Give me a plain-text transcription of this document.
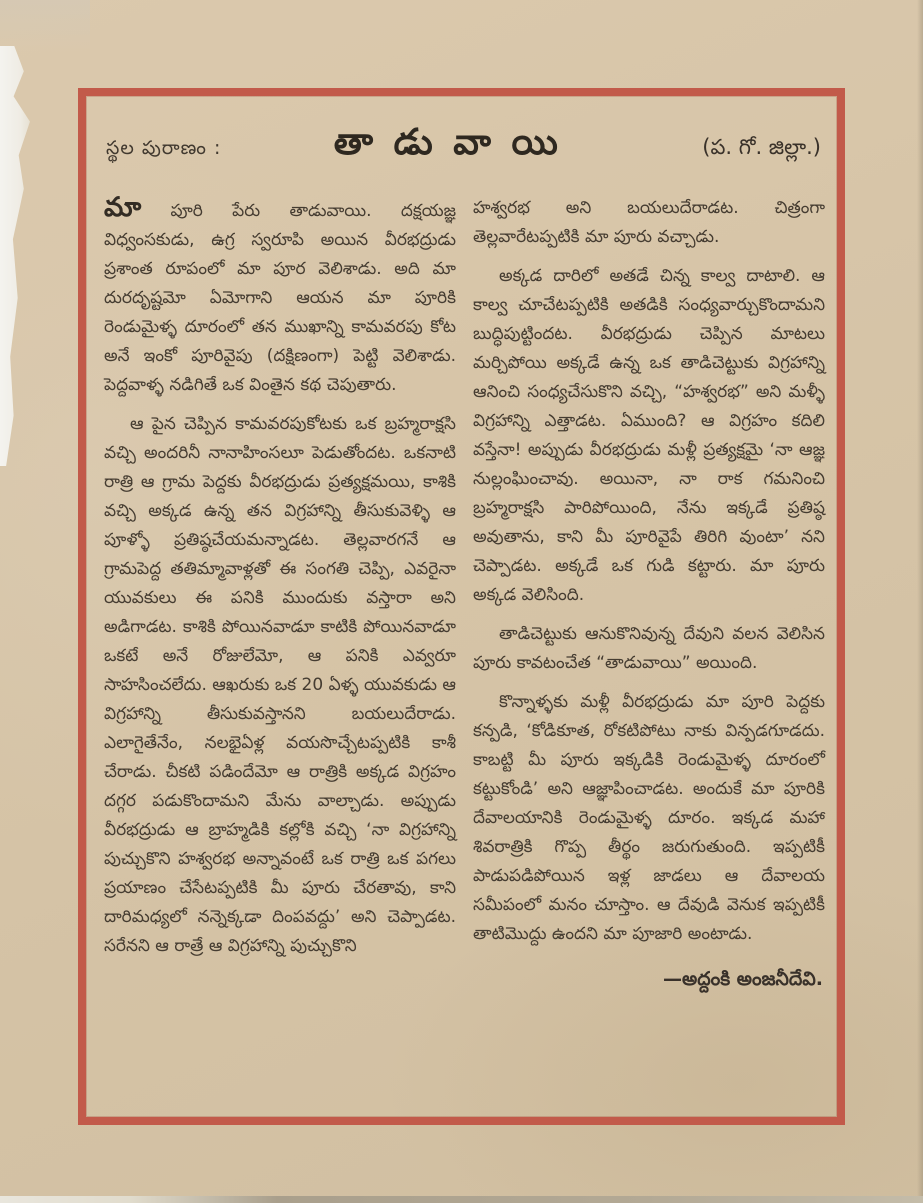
స్థల పురాణం :	తా డు వా యి	(ప. గో. జిల్లా.)

మా పూరి పేరు తాడువాయి. దక్షయజ్ఞ విధ్వంసకుడు, ఉగ్ర స్వరూపి అయిన వీరభద్రుడు ప్రశాంత రూపంలో మా పూర వెలిశాడు. అది మా దురదృష్టమో ఏమోగాని ఆయన మా పూరికి రెండుమైళ్ళ దూరంలో తన ముఖాన్ని కామవరపు కోట అనే ఇంకో పూరివైపు (దక్షిణంగా) పెట్టి వెలిశాడు. పెద్దవాళ్ళ నడిగితే ఒక వింతైన కథ చెపుతారు.

ఆ పైన చెప్పిన కామవరపుకోటకు ఒక బ్రహ్మరాక్షసి వచ్చి అందరినీ నానాహింసలూ పెడుతోందట. ఒకనాటి రాత్రి ఆ గ్రామ పెద్దకు వీరభద్రుడు ప్రత్యక్షమయి, కాశికి వచ్చి అక్కడ ఉన్న తన విగ్రహాన్ని తీసుకువెళ్ళి ఆ పూళ్ళో ప్రతిష్ఠచేయమన్నాడట. తెల్లవారగనే ఆ గ్రామపెద్ద తతిమ్మావాళ్లతో ఈ సంగతి చెప్పి, ఎవరైనా యువకులు ఈ పనికి ముందుకు వస్తారా అని అడిగాడట. కాశికి పోయినవాడూ కాటికి పోయినవాడూ ఒకటే అనే రోజులేమో, ఆ పనికి ఎవ్వరూ సాహసించలేదు. ఆఖరుకు ఒక 20 ఏళ్ళ యువకుడు ఆ విగ్రహాన్ని తీసుకువస్తానని బయలుదేరాడు. ఎలాగైతేనేం, నలభైఏళ్ల వయసొచ్చేటప్పటికి కాశీ చేరాడు. చీకటి పడిందేమో ఆ రాత్రికి అక్కడ విగ్రహం దగ్గర పడుకొందామని మేను వాల్చాడు. అప్పుడు వీరభద్రుడు ఆ బ్రాహ్మడికి కల్లోకి వచ్చి ‘నా విగ్రహాన్ని పుచ్చుకొని హశ్వరభ అన్నావంటే ఒక రాత్రి ఒక పగలు ప్రయాణం చేసేటప్పటికి మీ పూరు చేరతావు, కాని దారిమధ్యలో నన్నెక్కడా దింపవద్దు’ అని చెప్పాడట. సరేనని ఆ రాత్రే ఆ విగ్రహాన్ని పుచ్చుకొని

హశ్వరభ అని బయలుదేరాడట. చిత్రంగా తెల్లవారేటప్పటికి మా పూరు వచ్చాడు.

అక్కడ దారిలో అతడే చిన్న కాల్వ దాటాలి. ఆ కాల్వ చూచేటప్పటికి అతడికి సంధ్యవార్చుకొందామని బుద్ధిపుట్టిందట. వీరభద్రుడు చెప్పిన మాటలు మర్చిపోయి అక్కడే ఉన్న ఒక తాడిచెట్టుకు విగ్రహాన్ని ఆనించి సంధ్యచేసుకొని వచ్చి, “హశ్వరభ” అని మళ్ళీ విగ్రహాన్ని ఎత్తాడట. ఏముంది? ఆ విగ్రహం కదిలి వస్తేనా! అప్పుడు వీరభద్రుడు మళ్లీ ప్రత్యక్షమై ‘నా ఆజ్ఞ నుల్లంఘించావు. అయినా, నా రాక గమనించి బ్రహ్మరాక్షసి పారిపోయింది, నేను ఇక్కడే ప్రతిష్ఠ అవుతాను, కాని మీ పూరివైపే తిరిగి వుంటా’ నని చెప్పాడట. అక్కడే ఒక గుడి కట్టారు. మా పూరు అక్కడ వెలిసింది.

తాడిచెట్టుకు ఆనుకొనివున్న దేవుని వలన వెలిసిన పూరు కావటంచేత “తాడువాయి” అయింది.

కొన్నాళ్ళకు మళ్లీ వీరభద్రుడు మా పూరి పెద్దకు కన్పడి, ‘కోడికూత, రోకటిపోటు నాకు విన్పడగూడదు. కాబట్టి మీ పూరు ఇక్కడికి రెండుమైళ్ళ దూరంలో కట్టుకోండి’ అని ఆజ్ఞాపించాడట. అందుకే మా పూరికి దేవాలయానికి రెండుమైళ్ళ దూరం. ఇక్కడ మహా శివరాత్రికి గొప్ప తీర్థం జరుగుతుంది. ఇప్పటికీ పాడుపడిపోయిన ఇళ్ల జాడలు ఆ దేవాలయ సమీపంలో మనం చూస్తాం. ఆ దేవుడి వెనుక ఇప్పటికీ తాటిమొద్దు ఉందని మా పూజారి అంటాడు.

—అద్దంకి అంజనీదేవి.
